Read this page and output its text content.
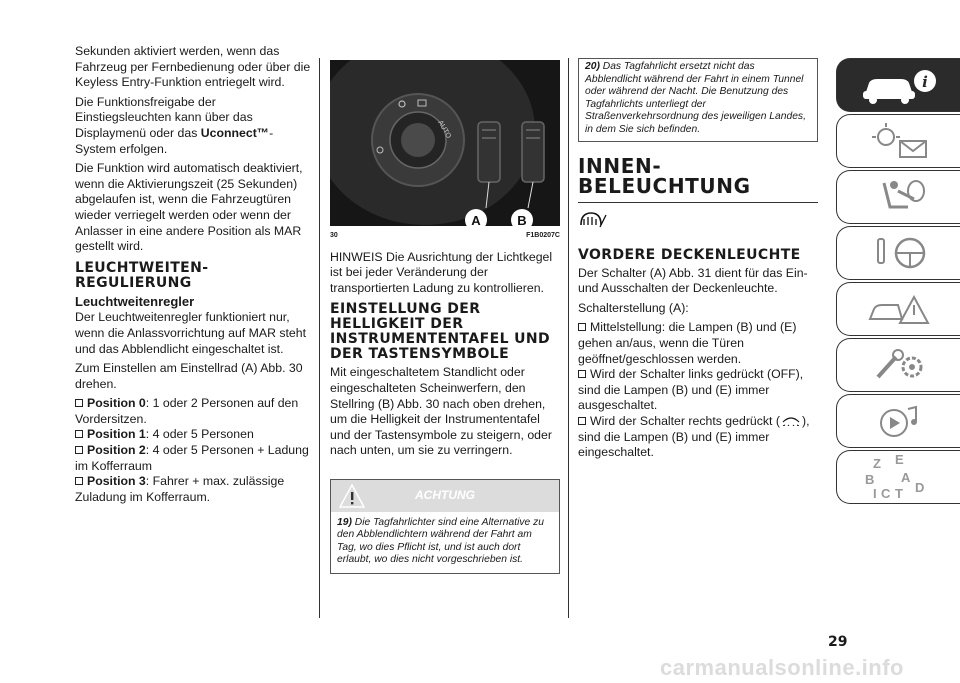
Sekunden aktiviert werden, wenn das Fahrzeug per Fernbedienung oder über die Keyless Entry-Funktion entriegelt wird.

Die Funktionsfreigabe der Einstiegsleuchten kann über das Displaymenü oder das Uconnect™-System erfolgen.

Die Funktion wird automatisch deaktiviert, wenn die Aktivierungszeit (25 Sekunden) abgelaufen ist, wenn die Fahrzeugtüren wieder verriegelt werden oder wenn der Anlasser in eine andere Position als MAR gestellt wird.

LEUCHTWEITEN-REGULIERUNG
Leuchtweitenregler

Der Leuchtweitenregler funktioniert nur, wenn die Anlassvorrichtung auf MAR steht und das Abblendlicht eingeschaltet ist.

Zum Einstellen am Einstellrad (A) Abb. 30 drehen.

Position 0: 1 oder 2 Personen auf den Vordersitzen.
Position 1: 4 oder 5 Personen
Position 2: 4 oder 5 Personen + Ladung im Kofferraum
Position 3: Fahrer + max. zulässige Zuladung im Kofferraum.
AUTO
A	B
30	F1B0207C

HINWEIS Die Ausrichtung der Lichtkegel ist bei jeder Veränderung der transportierten Ladung zu kontrollieren.

EINSTELLUNG DER HELLIGKEIT DER INSTRUMENTENTAFEL UND DER TASTENSYMBOLE

Mit eingeschaltetem Standlicht oder eingeschalteten Scheinwerfern, den Stellring (B) Abb. 30 nach oben drehen, um die Helligkeit der Instrumententafel und der Tastensymbole zu steigern, oder nach unten, um sie zu verringern.

ACHTUNG
19) Die Tagfahrlichter sind eine Alternative zu den Abblendlichtern während der Fahrt am Tag, wo dies Pflicht ist, und ist auch dort erlaubt, wo dies nicht vorgeschrieben ist.
20) Das Tagfahrlicht ersetzt nicht das Abblendlicht während der Fahrt in einem Tunnel oder während der Nacht. Die Benutzung des Tagfahrlichts unterliegt der Straßenverkehrsordnung des jeweiligen Landes, in dem Sie sich befinden.
INNEN-BELEUCHTUNG
VORDERE DECKENLEUCHTE

Der Schalter (A) Abb. 31 dient für das Ein- und Ausschalten der Deckenleuchte.

Schalterstellung (A):

Mittelstellung: die Lampen (B) und (E) gehen an/aus, wenn die Türen geöffnet/geschlossen werden.
Wird der Schalter links gedrückt (OFF), sind die Lampen (B) und (E) immer ausgeschaltet.
Wird der Schalter rechts gedrückt ( ), sind die Lampen (B) und (E) immer eingeschaltet.
i
Z E
B A
D
C T
I
29
carmanualsonline.info
